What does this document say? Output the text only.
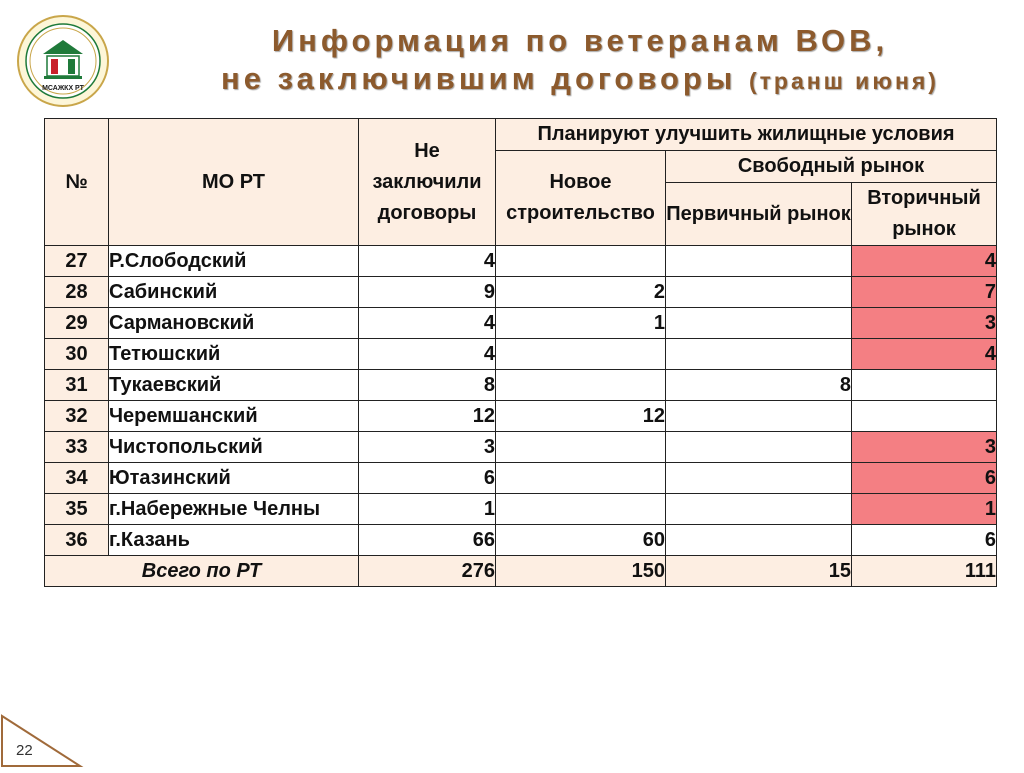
МСАЖКХ РТ
Информация по ветеранам ВОВ,
не заключившим договоры (транш июня)
№	МО РТ	Не заключили договоры	Планируют улучшить жилищные условия		
			Новое строительство	Свободный рынок	
				Первичный рынок	Вторичный рынок
27	Р.Слободский	4			4
28	Сабинский	9	2		7
29	Сармановский	4	1		3
30	Тетюшский	4			4
31	Тукаевский	8		8	
32	Черемшанский	12	12		
33	Чистопольский	3			3
34	Ютазинский	6			6
35	г.Набережные Челны	1			1
36	г.Казань	66	60		6
Всего по РТ		276	150	15	111
22
